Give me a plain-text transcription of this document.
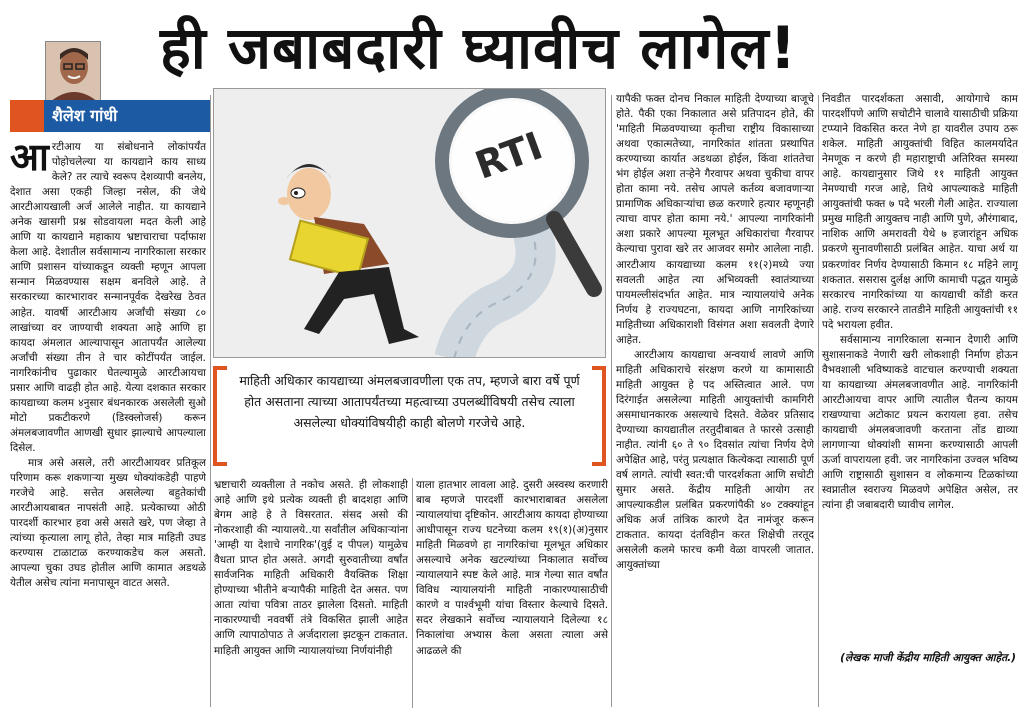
ही जबाबदारी घ्यावीच लागेल!
शैलेश गांधी

आरटीआय या संबोधनाने लोकांपर्यंत पोहोचलेल्या या कायद्याने काय साध्य केले? तर त्याचे स्वरूप देशव्यापी बनलेय, देशात असा एकही जिल्हा नसेल, की जेथे आरटीआयखाली अर्ज आलेले नाहीत. या कायद्याने अनेक खासगी प्रश्न सोडवायला मदत केली आहे आणि या कायद्याने महाकाय भ्रष्टाचाराचा पर्दाफाश केला आहे. देशातील सर्वसामान्य नागरिकाला सरकार आणि प्रशासन यांच्याकडून व्यक्ती म्हणून आपला सन्मान मिळवण्यास सक्षम बनविले आहे. ते सरकारच्या कारभारावर सन्मानपूर्वक देखरेख ठेवत आहेत. यावर्षी आरटीआय अर्जांची संख्या ८० लाखांच्या वर जाण्याची शक्यता आहे आणि हा कायदा अंमलात आल्यापासून आतापर्यंत आलेल्या अर्जांची संख्या तीन ते चार कोटींपर्यंत जाईल. नागरिकांनीच पुढाकार घेतल्यामुळे आरटीआयचा प्रसार आणि वाढही होत आहे. येत्या दशकात सरकार कायद्याच्या कलम ४नुसार बंधनकारक असलेली सुओ मोटो प्रकटीकरणे (डिस्क्लोजर्स) करून अंमलबजावणीत आणखी सुधार झाल्याचे आपल्याला दिसेल.

मात्र असे असले, तरी आरटीआयवर प्रतिकूल परिणाम करू शकणाऱ्या मुख्य धोक्यांकडेही पाहणे गरजेचे आहे. सत्तेत असलेल्या बहुतेकांची आरटीआयबाबत नापसंती आहे. प्रत्येकाच्या ओठी पारदर्शी कारभार हवा असे असते खरे, पण जेव्हा ते त्यांच्या कृत्याला लागू होते, तेव्हा मात्र माहिती उघड करण्यास टाळाटाळ करण्याकडेच कल असतो. आपल्या चुका उघड होतील आणि कामात अडथळे येतील असेच त्यांना मनापासून वाटत असते.

RTI
माहिती अधिकार कायद्याच्या अंमलबजावणीला एक तप, म्हणजे बारा वर्षे पूर्ण होत असताना त्याच्या आतापर्यंतच्या महत्वाच्या उपलब्धींविषयी तसेच त्याला असलेल्या धोक्यांविषयीही काही बोलणे गरजेचे आहे.

भ्रष्टाचारी व्यक्तीला ते नकोच असते. ही लोकशाही आहे आणि इथे प्रत्येक व्यक्ती ही बादशहा आणि बेगम आहे हे ते विसरतात. संसद असो की नोकरशाही की न्यायालये..या सर्वांतील अधिकाऱ्यांना 'आम्ही या देशाचे नागरिक'(वुई द पीपल) यामुळेच वैधता प्राप्त होत असते. अगदी सुरुवातीच्या वर्षांत सार्वजनिक माहिती अधिकारी वैयक्तिक शिक्षा होण्याच्या भीतीने बऱ्यापैकी माहिती देत असत. पण आता त्यांचा पवित्रा ताठर झालेला दिसतो. माहिती नाकारण्याची नववर्षी तंत्रे विकसित झाली आहेत आणि त्यापाठोपाठ ते अर्जदाराला झटकून टाकतात. माहिती आयुक्त आणि न्यायालयांच्या निर्णयांनीही

याला हातभार लावला आहे. दुसरी अस्वस्थ करणारी बाब म्हणजे पारदर्शी कारभाराबाबत असलेला न्यायालयांचा दृष्टिकोन. आरटीआय कायदा होण्याच्या आधीपासून राज्य घटनेच्या कलम १९(१)(अ)नुसार माहिती मिळवणे हा नागरिकांचा मूलभूत अधिकार असल्याचे अनेक खटल्यांच्या निकालात सर्वोच्च न्यायालयाने स्पष्ट केले आहे. मात्र गेल्या सात वर्षांत विविध न्यायालयांनी माहिती नाकारण्यासाठीची कारणे व पार्श्वभूमी यांचा विस्तार केल्याचे दिसते. सदर लेखकाने सर्वोच्च न्यायालयाने दिलेल्या १८ निकालांचा अभ्यास केला असता त्याला असे आढळले की

यापैकी फक्त दोनच निकाल माहिती देण्याच्या बाजूचे होते. पैकी एका निकालात असे प्रतिपादन होते, की 'माहिती मिळवण्याच्या कृतीचा राष्ट्रीय विकासाच्या अथवा एकात्मतेच्या, नागरिकांत शांतता प्रस्थापित करण्याच्या कार्यात अडथळा होईल, किंवा शांततेचा भंग होईल अशा तऱ्हेने गैरवापर अथवा चुकीचा वापर होता कामा नये. तसेच आपले कर्तव्य बजावणाऱ्या प्रामाणिक अधिकाऱ्यांचा छळ करणारे हत्यार म्हणूनही त्याचा वापर होता कामा नये.' आपल्या नागरिकांनी अशा प्रकारे आपल्या मूलभूत अधिकारांचा गैरवापर केल्याचा पुरावा खरे तर आजवर समोर आलेला नाही. आरटीआय कायद्याच्या कलम ११(२)मध्ये ज्या सवलती आहेत त्या अभिव्यक्ती स्वातंत्र्याच्या पायमल्लीसंदर्भात आहेत. मात्र न्यायालयांचे अनेक निर्णय हे राज्यघटना, कायदा आणि नागरिकांच्या माहितीच्या अधिकाराशी विसंगत अशा सवलती देणारे आहेत.

आरटीआय कायद्याचा अन्वयार्थ लावणे आणि माहिती अधिकाराचे संरक्षण करणे या कामासाठी माहिती आयुक्त हे पद अस्तित्वात आले. पण दिरंगाईत असलेल्या माहिती आयुक्तांची कामगिरी असमाधानकारक असल्याचे दिसते. वेळेवर प्रतिसाद देण्याच्या कायद्यातील तरतुदीबाबत ते फारसे उत्साही नाहीत. त्यांनी ६० ते ९० दिवसांत त्यांचा निर्णय देणे अपेक्षित आहे, परंतु प्रत्यक्षात कित्येकदा त्यासाठी पूर्ण वर्ष लागते. त्यांची स्वत:ची पारदर्शकता आणि सचोटी सुमार असते. केंद्रीय माहिती आयोग तर आपल्याकडील प्रलंबित प्रकरणांपैकी ४० टक्क्यांहून अधिक अर्ज तांत्रिक कारणे देत नामंजूर करून टाकतात. कायदा दंतविहीन करत शिक्षेची तरतूद असलेली कलमे फारच कमी वेळा वापरली जातात. आयुक्तांच्या

निवडीत पारदर्शकता असावी, आयोगाचे काम पारदर्शीपणे आणि सचोटीने चालावे यासाठीची प्रक्रिया टप्प्याने विकसित करत नेणे हा यावरील उपाय ठरू शकेल. माहिती आयुक्तांची विहित कालमर्यादेत नेमणूक न करणे ही महाराष्ट्राची अतिरिक्त समस्या आहे. कायद्यानुसार जिथे ११ माहिती आयुक्त नेमण्याची गरज आहे, तिथे आपल्याकडे माहिती आयुक्तांची फक्त ७ पदे भरली गेली आहेत. राज्याला प्रमुख माहिती आयुक्तच नाही आणि पुणे, औरंगाबाद, नाशिक आणि अमरावती येथे ७ हजारांहून अधिक प्रकरणे सुनावणीसाठी प्रलंबित आहेत. याचा अर्थ या प्रकरणांवर निर्णय देण्यासाठी किमान १८ महिने लागू शकतात. ससरास दुर्लक्ष आणि कामाची पद्धत यामुळे सरकारच नागरिकांच्या या कायद्याची कोंडी करत आहे. राज्य सरकारने तातडीने माहिती आयुक्तांची ११ पदे भरायला हवीत.

सर्वसामान्य नागरिकाला सन्मान देणारी आणि सुशासनाकडे नेणारी खरी लोकशाही निर्माण होऊन वैभवशाली भविष्याकडे वाटचाल करण्याची शक्यता या कायद्याच्या अंमलबजावणीत आहे. नागरिकांनी आरटीआयचा वापर आणि त्यातील चैतन्य कायम राखण्याचा अटोकाट प्रयत्न करायला हवा. तसेच कायद्याची अंमलबजावणी करताना तोंड द्याव्या लागणाऱ्या धोक्यांशी सामना करण्यासाठी आपली ऊर्जा वापरायला हवी. जर नागरिकांना उज्वल भविष्य आणि राष्ट्रासाठी सुशासन व लोकमान्य टिळकांच्या स्वप्नातील स्वराज्य मिळवणे अपेक्षित असेल, तर त्यांना ही जबाबदारी घ्यावीच लागेल.

(लेखक माजी केंद्रीय माहिती आयुक्त आहेत.)
